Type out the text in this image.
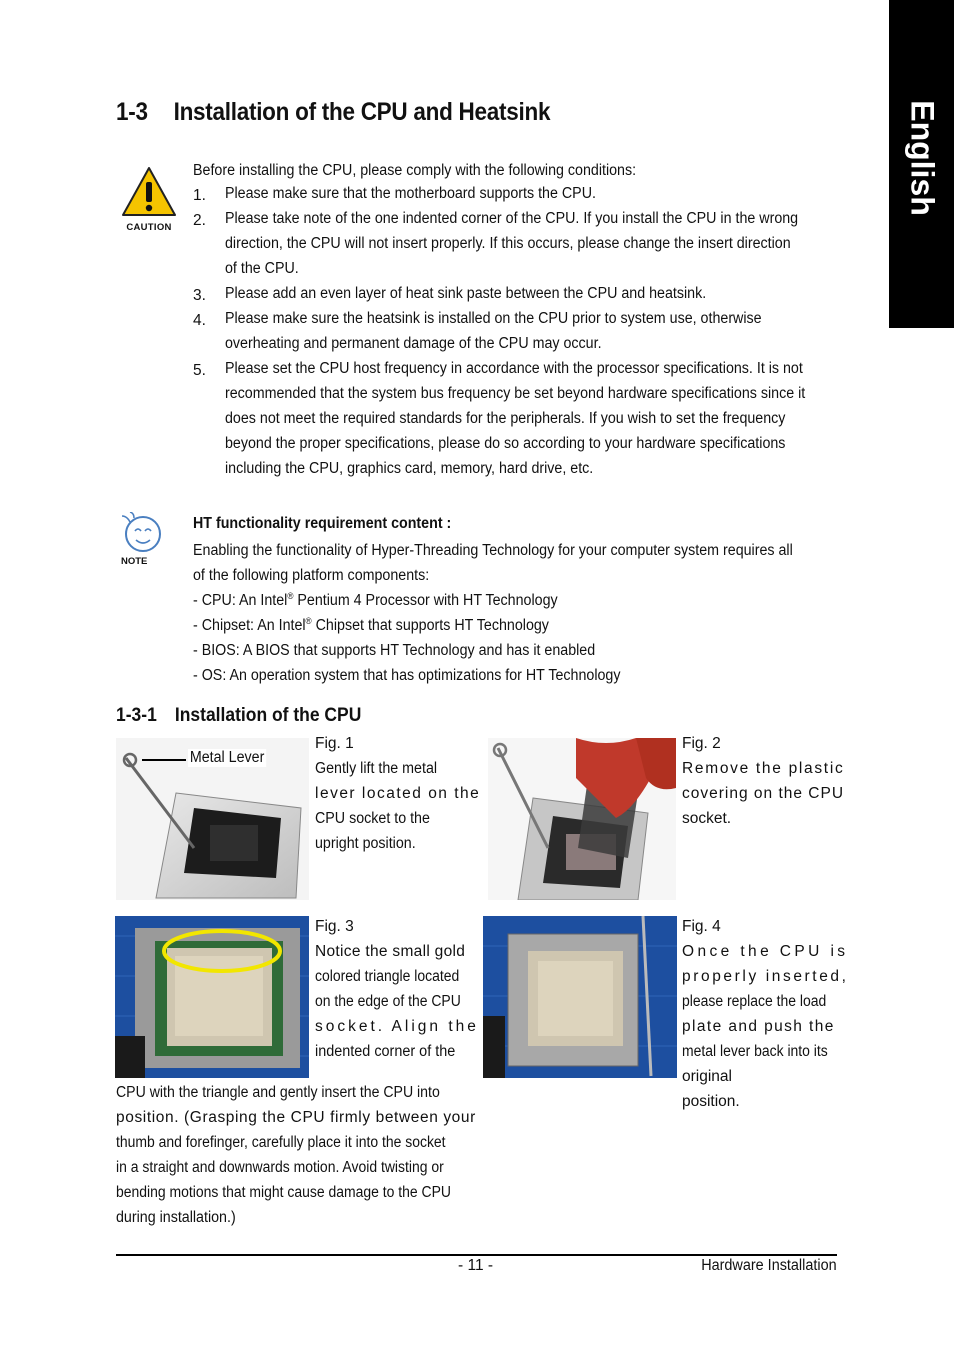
English
1-3 Installation of the CPU and Heatsink
CAUTION
Before installing the CPU, please comply with the following conditions:
1. Please make sure that the motherboard supports the CPU.

2. Please take note of the one indented corner of the CPU. If you install the CPU in the wrong

direction, the CPU will not insert properly. If this occurs, please change the insert direction

of the CPU.

3. Please add an even layer of heat sink paste between the CPU and heatsink.

4. Please make sure the heatsink is installed on the CPU prior to system use, otherwise

overheating and permanent damage of the CPU may occur.

5. Please set the CPU host frequency in accordance with the processor specifications. It is not

recommended that the system bus frequency be set beyond hardware specifications since it

does not meet the required standards for the peripherals. If you wish to set the frequency

beyond the proper specifications, please do so according to your hardware specifications

including the CPU, graphics card, memory, hard drive, etc.

NOTE
HT functionality requirement content :

Enabling the functionality of Hyper-Threading Technology for your computer system requires all

of the following platform components:

- CPU: An Intel® Pentium 4 Processor with HT Technology

- Chipset: An Intel® Chipset that supports HT Technology

- BIOS: A BIOS that supports HT Technology and has it enabled

- OS: An operation system that has optimizations for HT Technology

1-3-1 Installation of the CPU
Metal Lever

Fig. 1

Gently lift the metal

lever located on the

CPU socket to the

upright position.

Fig. 2

Remove the plastic

covering on the CPU

socket.

Fig. 3

Notice the small gold

colored triangle located

on the edge of the CPU

socket. Align the

indented corner of the

CPU with the triangle and gently insert the CPU into

position. (Grasping the CPU firmly between your

thumb and forefinger, carefully place it into the socket

in a straight and downwards motion. Avoid twisting or

bending motions that might cause damage to the CPU

during installation.)

Fig. 4

Once the CPU is

properly inserted,

please replace the load

plate and push the

metal lever back into its

original

position.

- 11 -	Hardware Installation
